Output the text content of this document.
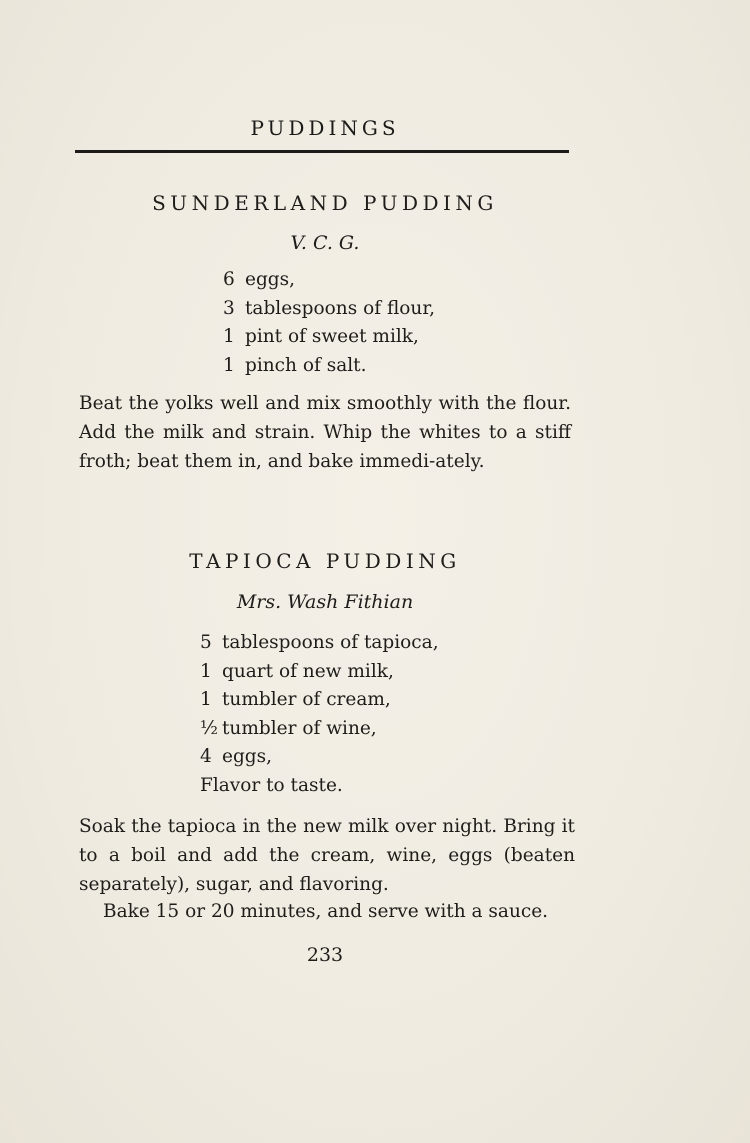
PUDDINGS
SUNDERLAND PUDDING
V. C. G.
6 eggs,
3 tablespoons of flour,
1 pint of sweet milk,
1 pinch of salt.

Beat the yolks well and mix smoothly with the flour. Add the milk and strain. Whip the whites to a stiff froth; beat them in, and bake immedi-ately.

TAPIOCA PUDDING
Mrs. Wash Fithian
5 tablespoons of tapioca,
1 quart of new milk,
1 tumbler of cream,
½ tumbler of wine,
4 eggs,
Flavor to taste.

Soak the tapioca in the new milk over night. Bring it to a boil and add the cream, wine, eggs (beaten separately), sugar, and flavoring.

Bake 15 or 20 minutes, and serve with a sauce.

233
